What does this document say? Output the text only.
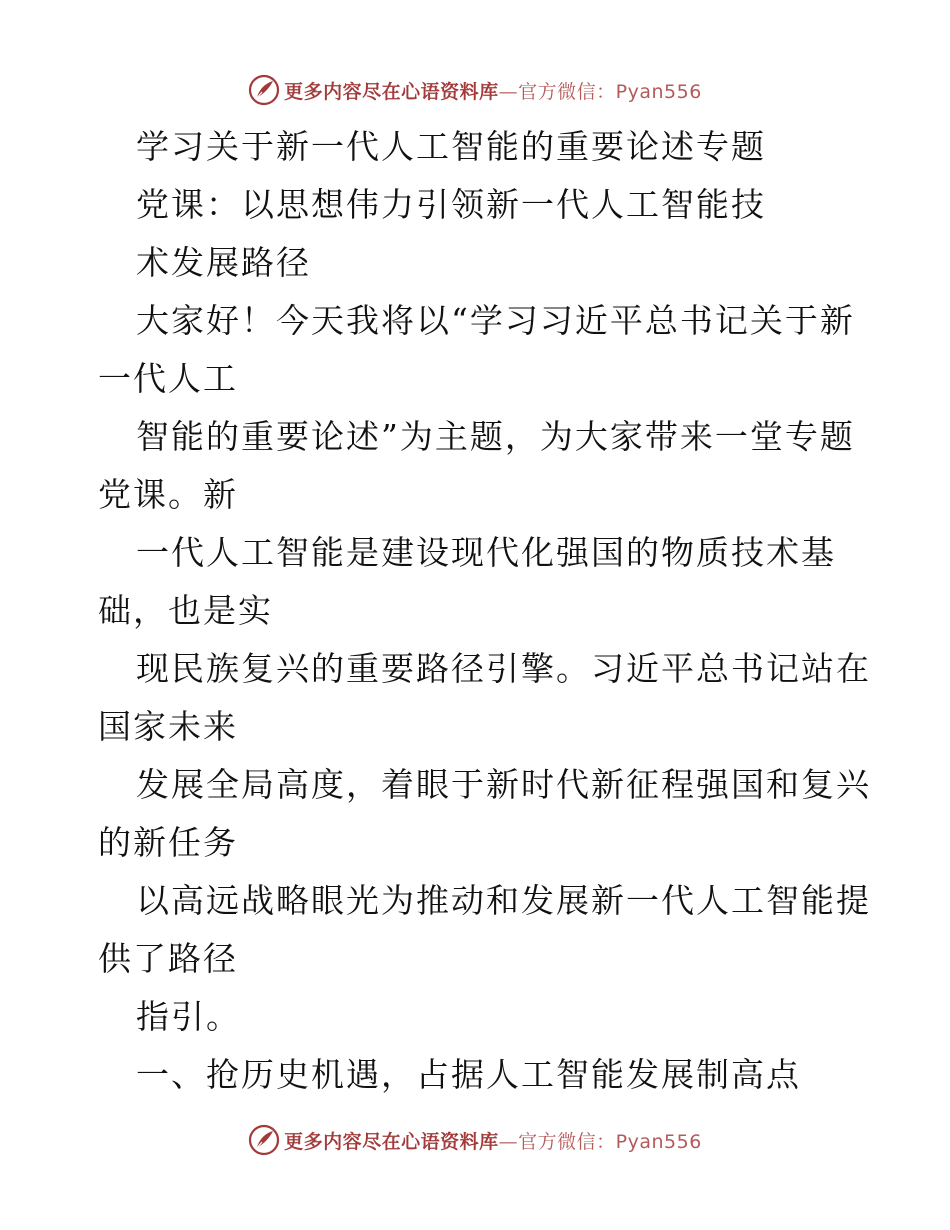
更多内容尽在心语资料库—官方微信：Pyan556
学习关于新一代人工智能的重要论述专题
党课：以思想伟力引领新一代人工智能技
术发展路径
大家好！今天我将以“学习习近平总书记关于新
一代人工
智能的重要论述”为主题，为大家带来一堂专题
党课。新
一代人工智能是建设现代化强国的物质技术基
础，也是实
现民族复兴的重要路径引擎。习近平总书记站在
国家未来
发展全局高度，着眼于新时代新征程强国和复兴
的新任务
以高远战略眼光为推动和发展新一代人工智能提
供了路径
指引。
一、抢历史机遇，占据人工智能发展制高点
更多内容尽在心语资料库—官方微信：Pyan556
